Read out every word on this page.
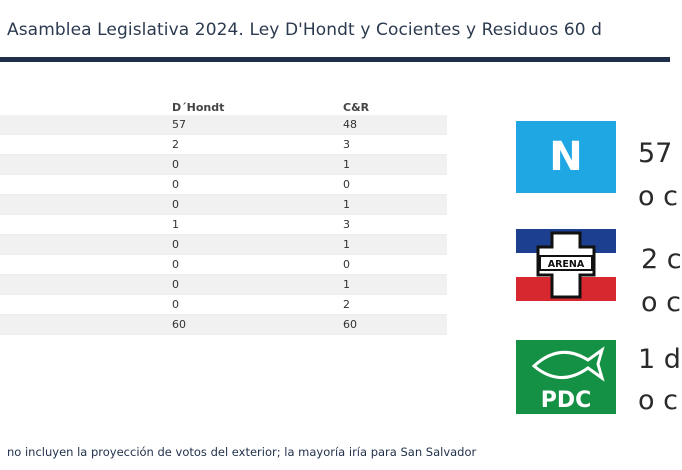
Asamblea Legislativa 2024. Ley D'Hondt y Cocientes y Residuos 60 d
	D´Hondt	C&R
	57	48
	2	3
	0	1
	0	0
	0	1
	1	3
	0	1
	0	0
	0	1
	0	2
	60	60
N
ARENA
PDC
57
o c
2 c
o c
1 d
o c
no incluyen la proyección de votos del exterior; la mayoría iría para San Salvador
